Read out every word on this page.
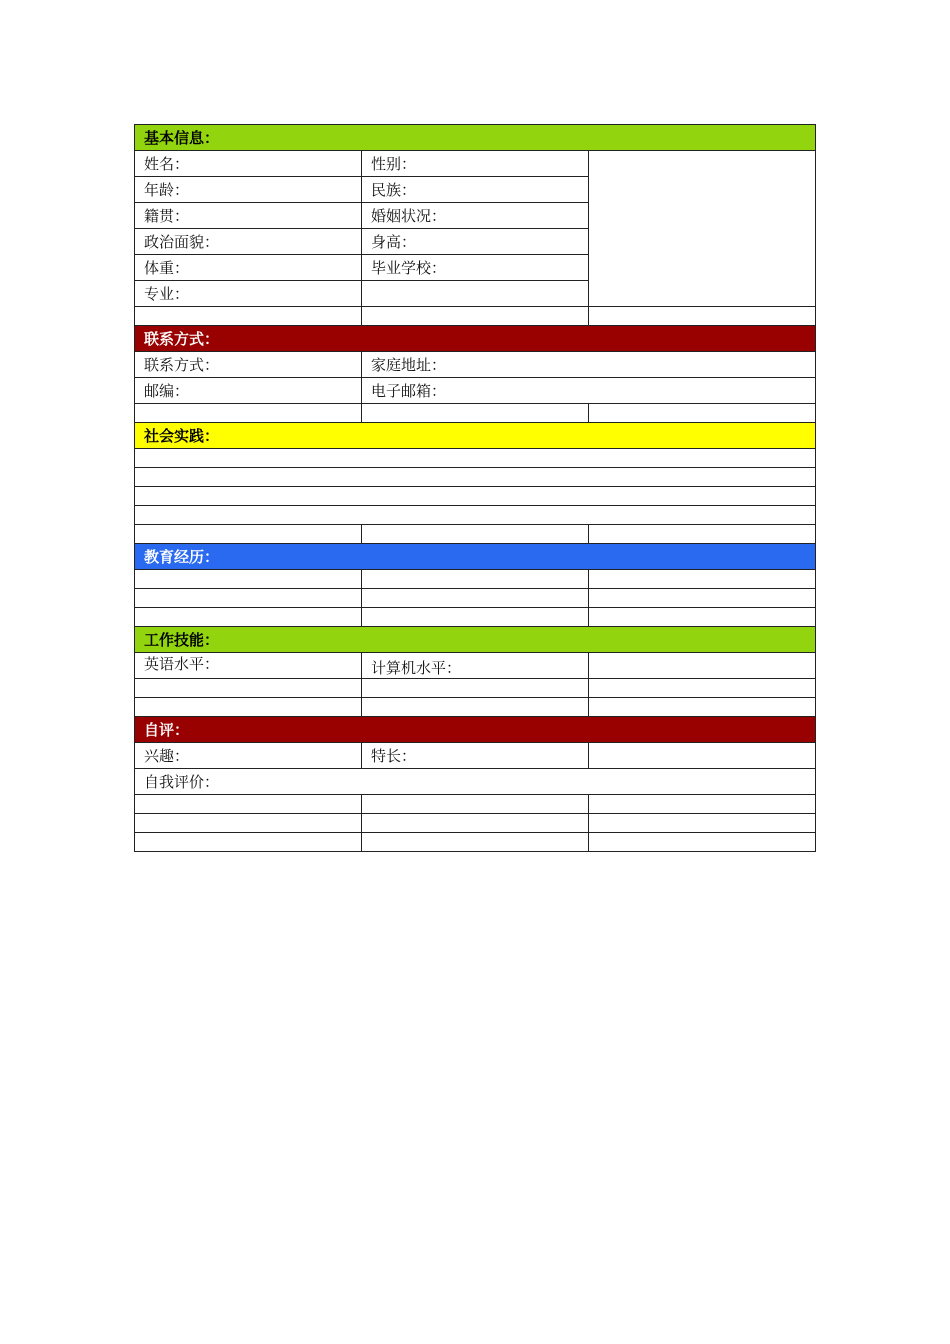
基本信息：		
姓名：	性别：	
年龄：	民族：	
籍贯：	婚姻状况：	
政治面貌：	身高：	
体重：	毕业学校：	
专业：		

联系方式：		
联系方式：	家庭地址：	
邮编：	电子邮箱：	

社会实践：		

教育经历：		

工作技能：		
英语水平：	计算机水平：	

自评：		
兴趣：	特长：	
自我评价：		
